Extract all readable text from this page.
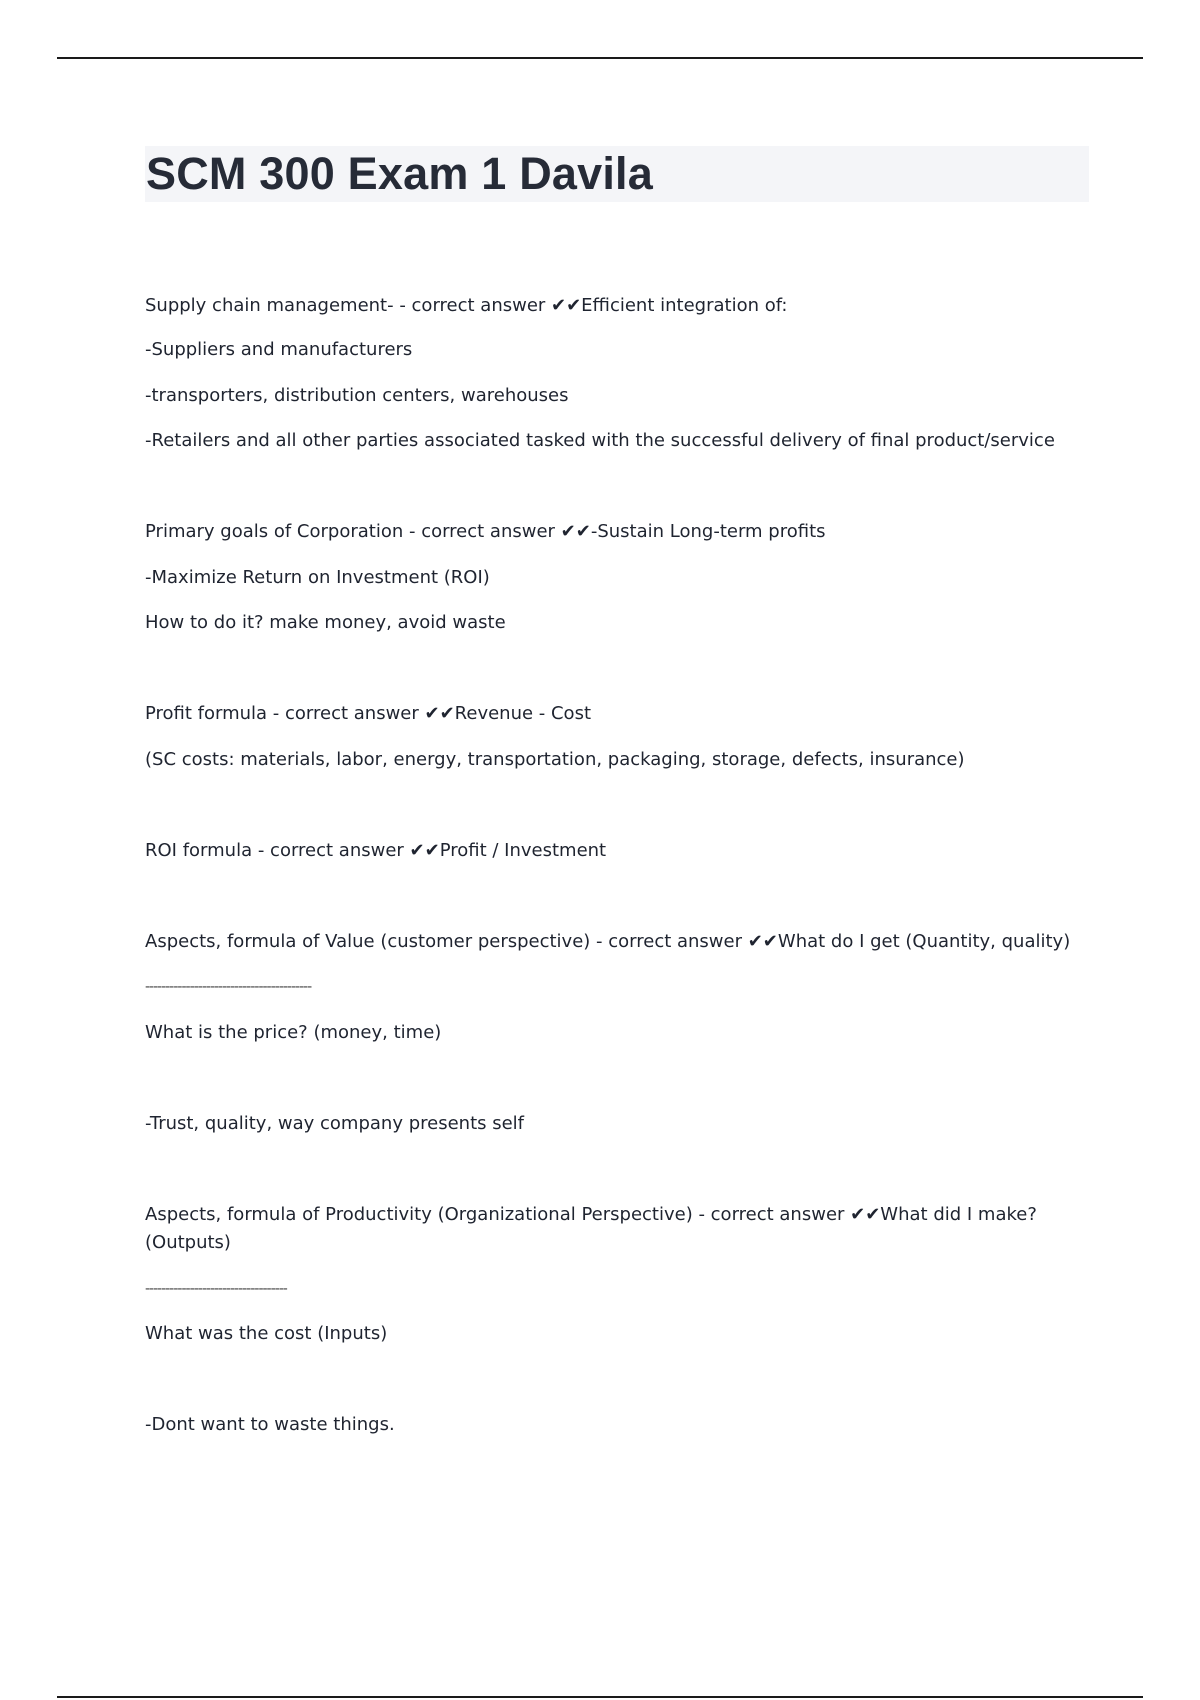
SCM 300 Exam 1 Davila
Supply chain management- - correct answer ✔✔Efficient integration of:
-Suppliers and manufacturers
-transporters, distribution centers, warehouses
-Retailers and all other parties associated tasked with the successful delivery of final product/service
Primary goals of Corporation - correct answer ✔✔-Sustain Long-term profits
-Maximize Return on Investment (ROI)
How to do it? make money, avoid waste
Profit formula - correct answer ✔✔Revenue - Cost
(SC costs: materials, labor, energy, transportation, packaging, storage, defects, insurance)
ROI formula - correct answer ✔✔Profit / Investment
Aspects, formula of Value (customer perspective) - correct answer ✔✔What do I get (Quantity, quality)
-----------------------------------------
What is the price? (money, time)
-Trust, quality, way company presents self
Aspects, formula of Productivity (Organizational Perspective) - correct answer ✔✔What did I make? (Outputs)
-----------------------------------
What was the cost (Inputs)
-Dont want to waste things.
